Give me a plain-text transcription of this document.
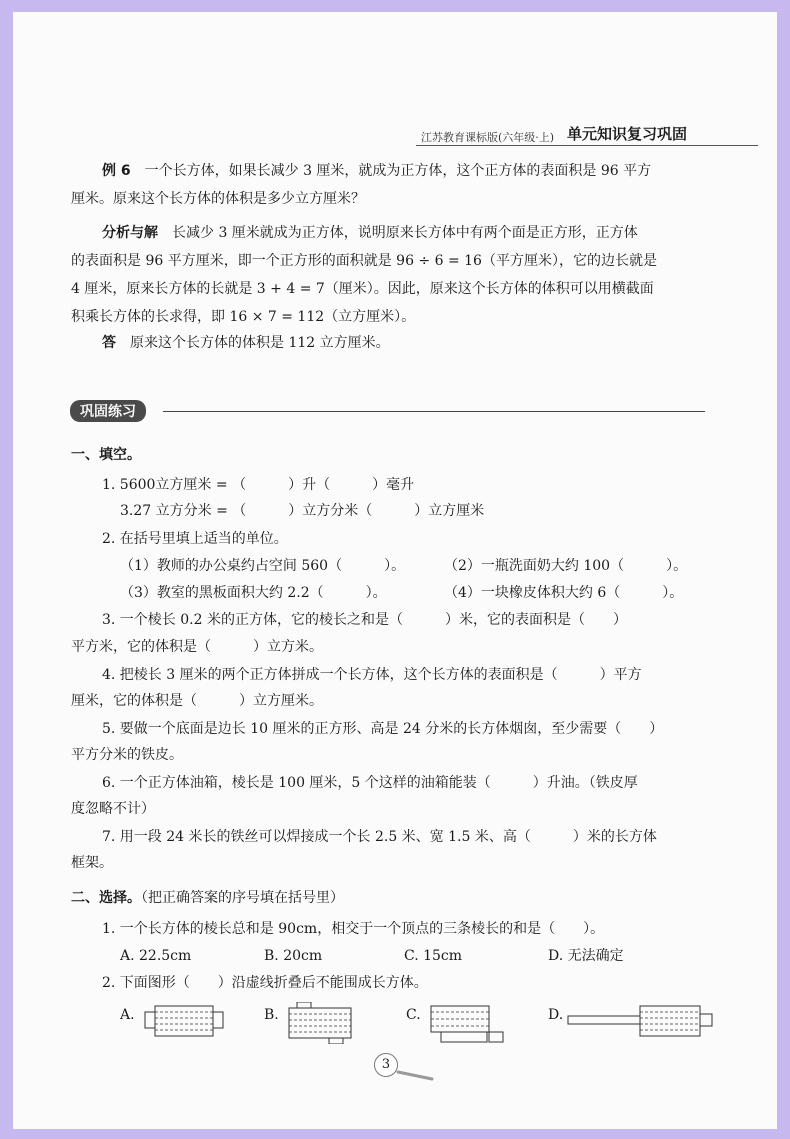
江苏教育课标版(六年级·上) 单元知识复习巩固
例 6　 一个长方体，如果长减少 3 厘米，就成为正方体，这个正方体的表面积是 96 平方
厘米。原来这个长方体的体积是多少立方厘米？
分析与解　 长减少 3 厘米就成为正方体，说明原来长方体中有两个面是正方形，正方体
的表面积是 96 平方厘米，即一个正方形的面积就是 96 ÷ 6 = 16（平方厘米），它的边长就是
4 厘米，原来长方体的长就是 3 + 4 = 7（厘米）。因此，原来这个长方体的体积可以用横截面
积乘长方体的长求得，即 16 × 7 = 112（立方厘米）。
答　 原来这个长方体的体积是 112 立方厘米。
巩固练习
一、填空。
1. 5600立方厘米 = （　　　）升（　　　）毫升
3.27 立方分米 = （　　　）立方分米（　　　）立方厘米
2. 在括号里填上适当的单位。
（1）教师的办公桌约占空间 560（　　　）。	（2）一瓶洗面奶大约 100（　　　）。
（3）教室的黑板面积大约 2.2（　　　）。	（4）一块橡皮体积大约 6（　　　）。
3. 一个棱长 0.2 米的正方体，它的棱长之和是（　　　）米，它的表面积是（　　）
平方米，它的体积是（　　　）立方米。
4. 把棱长 3 厘米的两个正方体拼成一个长方体，这个长方体的表面积是（　　　）平方
厘米，它的体积是（　　　）立方厘米。
5. 要做一个底面是边长 10 厘米的正方形、高是 24 分米的长方体烟囱，至少需要（　　）
平方分米的铁皮。
6. 一个正方体油箱，棱长是 100 厘米，5 个这样的油箱能装（　　　）升油。（铁皮厚
度忽略不计）
7. 用一段 24 米长的铁丝可以焊接成一个长 2.5 米、宽 1.5 米、高（　　　）米的长方体
框架。
二、选择。（把正确答案的序号填在括号里）
1. 一个长方体的棱长总和是 90cm，相交于一个顶点的三条棱长的和是（　　）。
A. 22.5cm	B. 20cm	C. 15cm	D. 无法确定
2. 下面图形（　　）沿虚线折叠后不能围成长方体。
A.	B.	C.	D.
3
